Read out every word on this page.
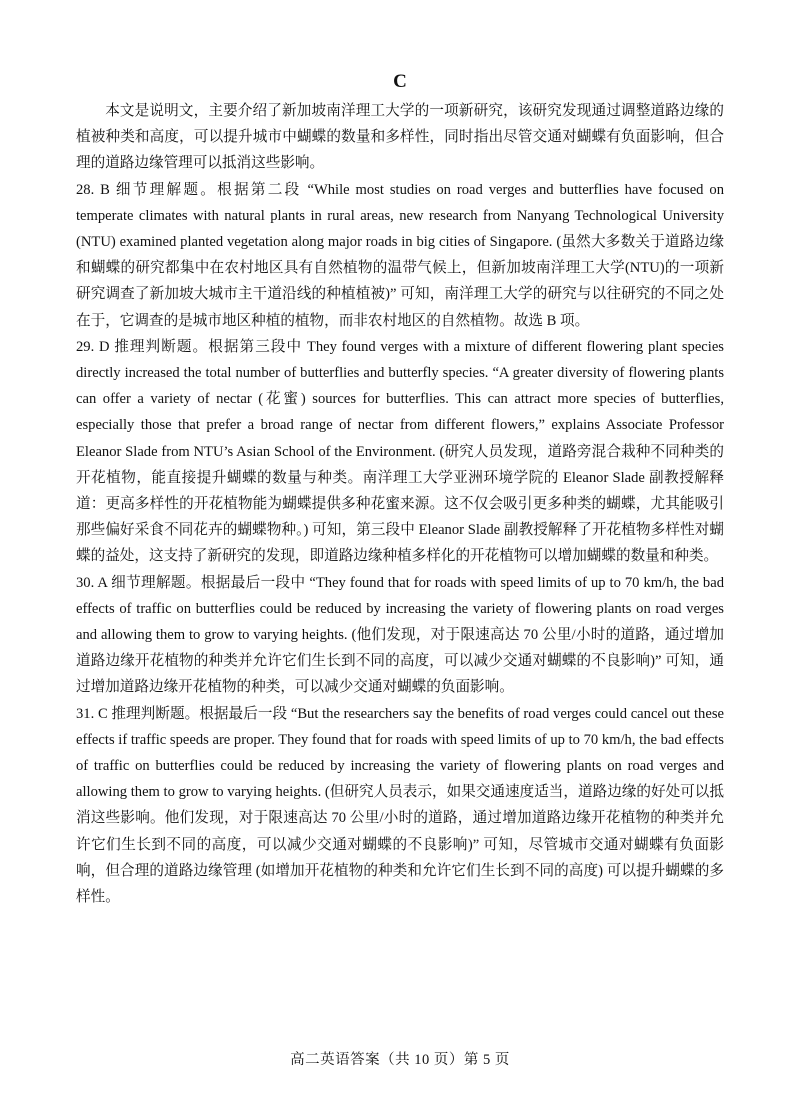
C

本文是说明文，主要介绍了新加坡南洋理工大学的一项新研究，该研究发现通过调整道路边缘的植被种类和高度，可以提升城市中蝴蝶的数量和多样性，同时指出尽管交通对蝴蝶有负面影响，但合理的道路边缘管理可以抵消这些影响。

28. B 细节理解题。根据第二段 “While most studies on road verges and butterflies have focused on temperate climates with natural plants in rural areas, new research from Nanyang Technological University (NTU) examined planted vegetation along major roads in big cities of Singapore. (虽然大多数关于道路边缘和蝴蝶的研究都集中在农村地区具有自然植物的温带气候上，但新加坡南洋理工大学(NTU)的一项新研究调查了新加坡大城市主干道沿线的种植植被)” 可知，南洋理工大学的研究与以往研究的不同之处在于，它调查的是城市地区种植的植物，而非农村地区的自然植物。故选 B 项。

29. D 推理判断题。根据第三段中 They found verges with a mixture of different flowering plant species directly increased the total number of butterflies and butterfly species. “A greater diversity of flowering plants can offer a variety of nectar (花蜜) sources for butterflies. This can attract more species of butterflies, especially those that prefer a broad range of nectar from different flowers,” explains Associate Professor Eleanor Slade from NTU’s Asian School of the Environment. (研究人员发现，道路旁混合栽种不同种类的开花植物，能直接提升蝴蝶的数量与种类。南洋理工大学亚洲环境学院的 Eleanor Slade 副教授解释道：更高多样性的开花植物能为蝴蝶提供多种花蜜来源。这不仅会吸引更多种类的蝴蝶，尤其能吸引那些偏好采食不同花卉的蝴蝶物种。) 可知，第三段中 Eleanor Slade 副教授解释了开花植物多样性对蝴蝶的益处，这支持了新研究的发现，即道路边缘种植多样化的开花植物可以增加蝴蝶的数量和种类。

30. A 细节理解题。根据最后一段中 “They found that for roads with speed limits of up to 70 km/h, the bad effects of traffic on butterflies could be reduced by increasing the variety of flowering plants on road verges and allowing them to grow to varying heights. (他们发现，对于限速高达 70 公里/小时的道路，通过增加道路边缘开花植物的种类并允许它们生长到不同的高度，可以减少交通对蝴蝶的不良影响)” 可知，通过增加道路边缘开花植物的种类，可以减少交通对蝴蝶的负面影响。

31. C 推理判断题。根据最后一段 “But the researchers say the benefits of road verges could cancel out these effects if traffic speeds are proper. They found that for roads with speed limits of up to 70 km/h, the bad effects of traffic on butterflies could be reduced by increasing the variety of flowering plants on road verges and allowing them to grow to varying heights. (但研究人员表示，如果交通速度适当，道路边缘的好处可以抵消这些影响。他们发现，对于限速高达 70 公里/小时的道路，通过增加道路边缘开花植物的种类并允许它们生长到不同的高度，可以减少交通对蝴蝶的不良影响)” 可知，尽管城市交通对蝴蝶有负面影响，但合理的道路边缘管理 (如增加开花植物的种类和允许它们生长到不同的高度) 可以提升蝴蝶的多样性。

高二英语答案（共 10 页）第 5 页
